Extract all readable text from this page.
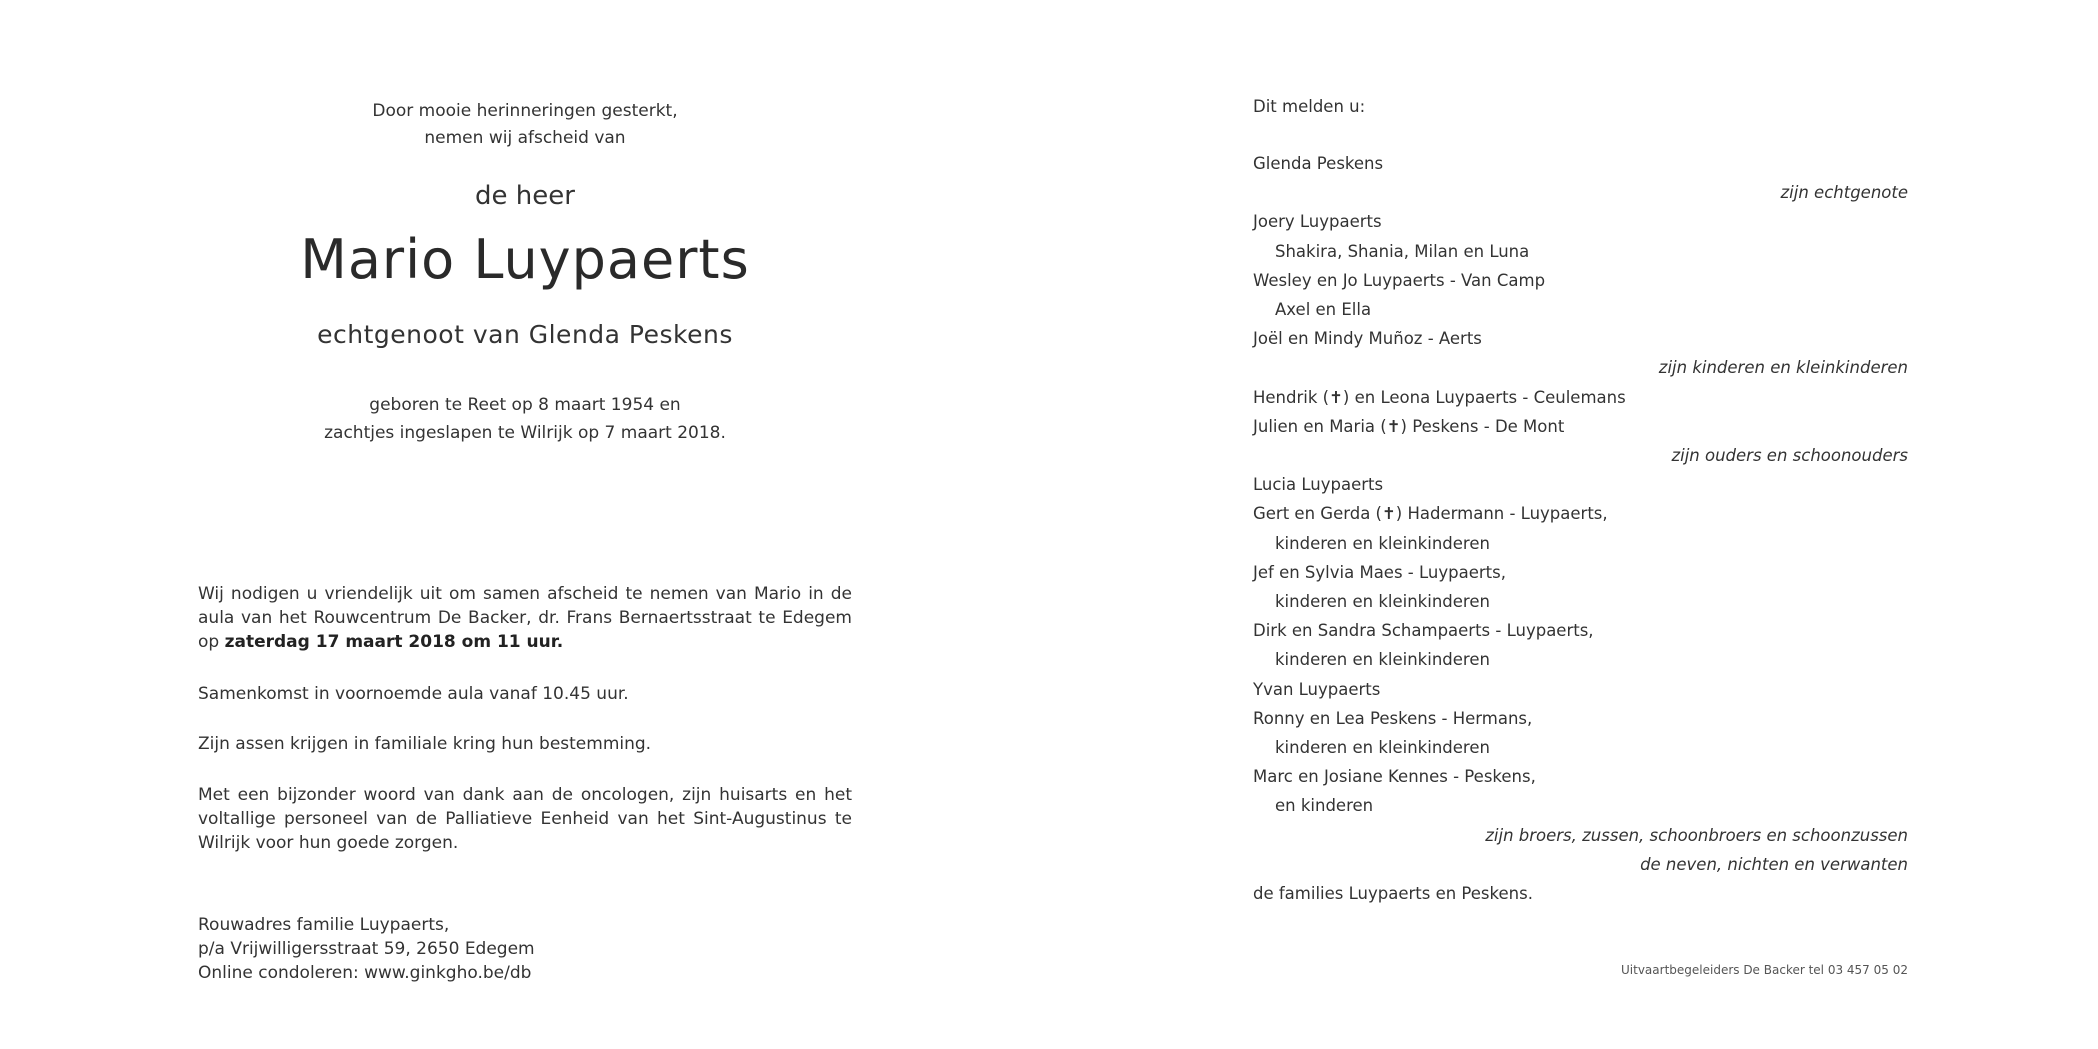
Door mooie herinneringen gesterkt,
nemen wij afscheid van
de heer
Mario Luypaerts
echtgenoot van Glenda Peskens
geboren te Reet op 8 maart 1954 en
zachtjes ingeslapen te Wilrijk op 7 maart 2018.
Wij nodigen u vriendelijk uit om samen afscheid te nemen van Mario in de aula van het Rouwcentrum De Backer, dr. Frans Bernaertsstraat te Edegem op zaterdag 17 maart 2018 om 11 uur.
Samenkomst in voornoemde aula vanaf 10.45 uur.
Zijn assen krijgen in familiale kring hun bestemming.
Met een bijzonder woord van dank aan de oncologen, zijn huisarts en het voltallige personeel van de Palliatieve Eenheid van het Sint-Augustinus te Wilrijk voor hun goede zorgen.
Rouwadres familie Luypaerts,
p/a Vrijwilligersstraat 59, 2650 Edegem
Online condoleren: www.ginkgho.be/db
Dit melden u:
Glenda Peskens
zijn echtgenote
Joery Luypaerts
Shakira, Shania, Milan en Luna
Wesley en Jo Luypaerts - Van Camp
Axel en Ella
Joël en Mindy Muñoz - Aerts
zijn kinderen en kleinkinderen
Hendrik (✝) en Leona Luypaerts - Ceulemans
Julien en Maria (✝) Peskens - De Mont
zijn ouders en schoonouders
Lucia Luypaerts
Gert en Gerda (✝) Hadermann - Luypaerts,
kinderen en kleinkinderen
Jef en Sylvia Maes - Luypaerts,
kinderen en kleinkinderen
Dirk en Sandra Schampaerts - Luypaerts,
kinderen en kleinkinderen
Yvan Luypaerts
Ronny en Lea Peskens - Hermans,
kinderen en kleinkinderen
Marc en Josiane Kennes - Peskens,
en kinderen
zijn broers, zussen, schoonbroers en schoonzussen
de neven, nichten en verwanten
de families Luypaerts en Peskens.
Uitvaartbegeleiders De Backer tel 03 457 05 02
